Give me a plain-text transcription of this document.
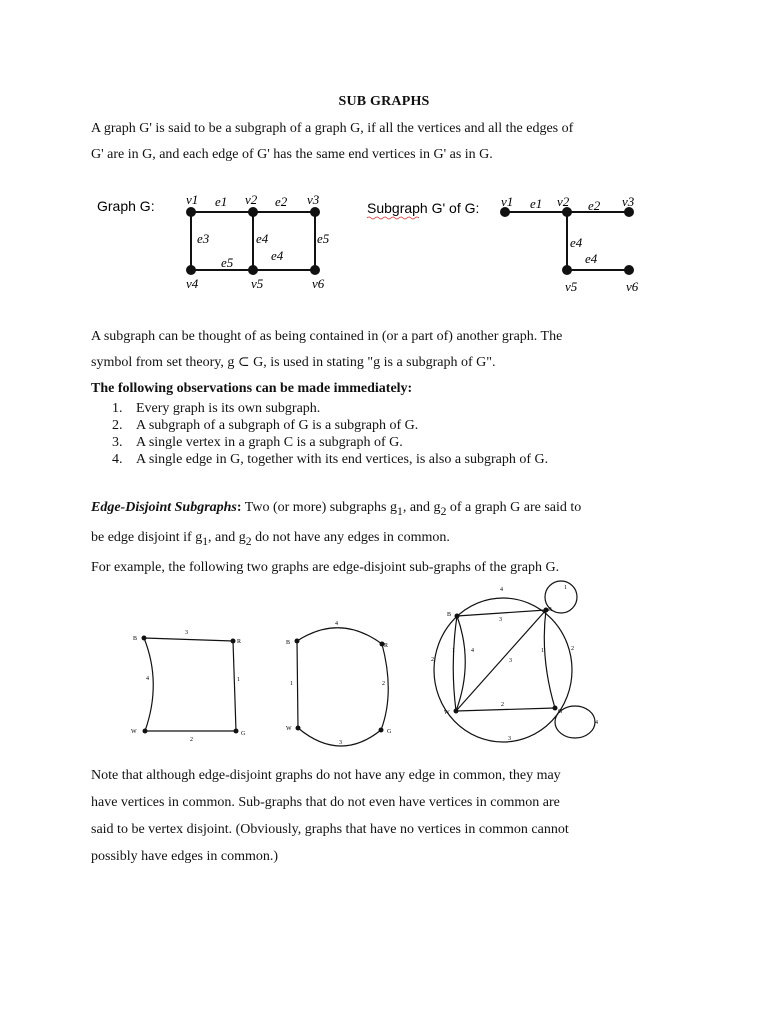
SUB GRAPHS
A graph G' is said to be a subgraph of a graph G, if all the vertices and all the edges of
G' are in G, and each edge of G' has the same end vertices in G' as in G.
Graph G: v1	v2	v3
v4	v5	v6
e1	e2
e3	e4
e5	e4
e5
Subgraph G' of G: v1	v2	v3
v5	v6
e1	e2
e4
e4
A subgraph can be thought of as being contained in (or a part of) another graph. The
symbol from set theory, g ⊂ G, is used in stating "g is a subgraph of G".
The following observations can be made immediately:
1. Every graph is its own subgraph.
2. A subgraph of a subgraph of G is a subgraph of G.
3. A single vertex in a graph C is a subgraph of G.
4. A single edge in G, together with its end vertices, is also a subgraph of G.
Edge-Disjoint Subgraphs: Two (or more) subgraphs $g_1$, and $g_2$ of a graph G are said to
be edge disjoint if $g_1$, and $g_2$ do not have any edges in common.
For example, the following two graphs are edge-disjoint sub-graphs of the graph G.
B	R
W	G
3
4	1
2
B	R
W	G
4
1	2
3
B
R
W	G
4	1
3
1	4
2	3
1	2
2
4
3
Note that although edge-disjoint graphs do not have any edge in common, they may
have vertices in common. Sub-graphs that do not even have vertices in common are
said to be vertex disjoint. (Obviously, graphs that have no vertices in common cannot
possibly have edges in common.)
